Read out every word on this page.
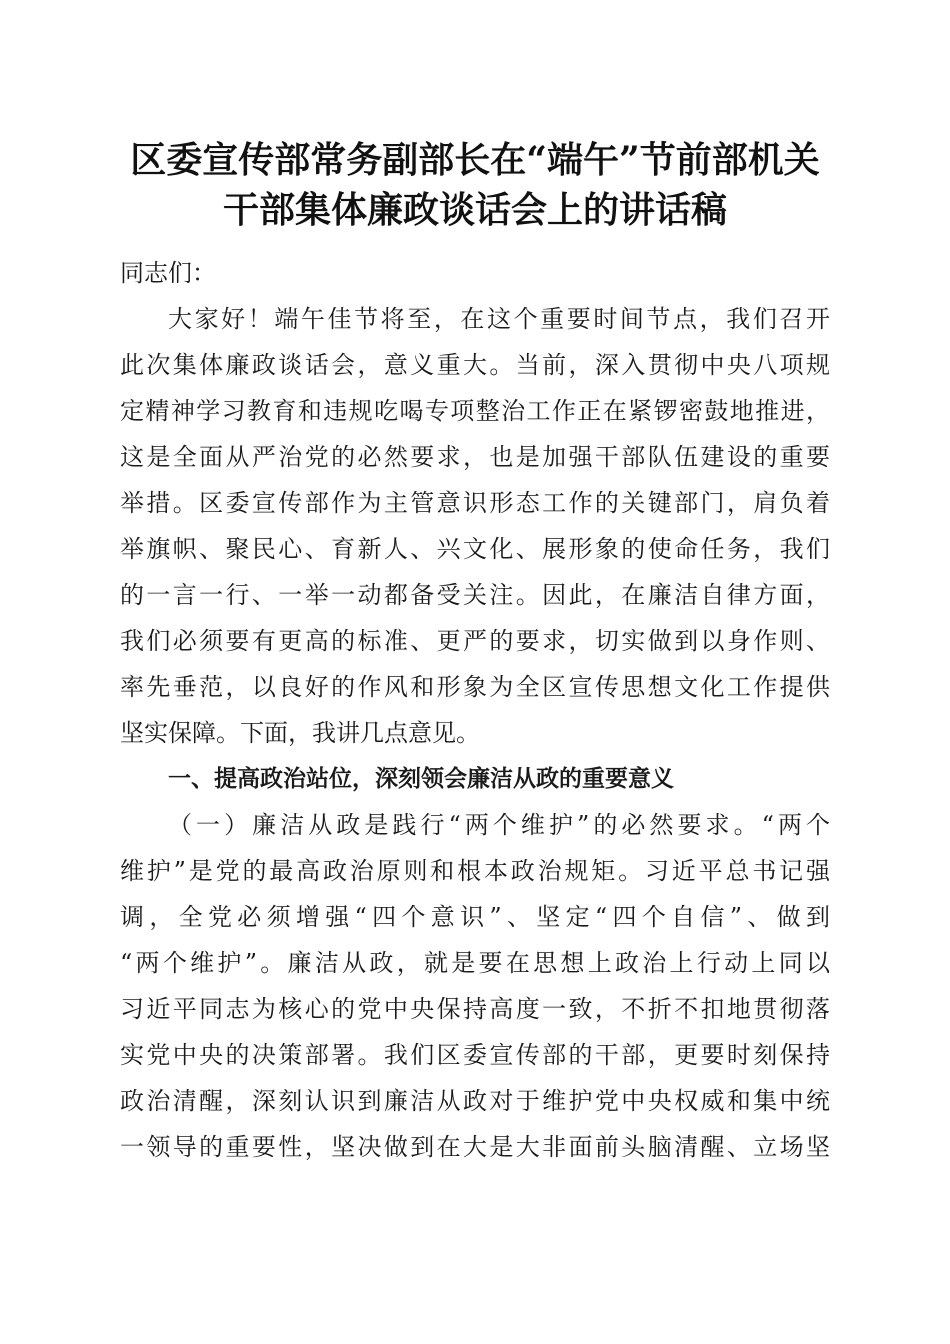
区委宣传部常务副部长在“端午”节前部机关
干部集体廉政谈话会上的讲话稿
同志们：
大家好！端午佳节将至，在这个重要时间节点，我们召开
此次集体廉政谈话会，意义重大。当前，深入贯彻中央八项规
定精神学习教育和违规吃喝专项整治工作正在紧锣密鼓地推进，
这是全面从严治党的必然要求，也是加强干部队伍建设的重要
举措。区委宣传部作为主管意识形态工作的关键部门，肩负着
举旗帜、聚民心、育新人、兴文化、展形象的使命任务，我们
的一言一行、一举一动都备受关注。因此，在廉洁自律方面，
我们必须要有更高的标准、更严的要求，切实做到以身作则、
率先垂范，以良好的作风和形象为全区宣传思想文化工作提供
坚实保障。下面，我讲几点意见。
一、提高政治站位，深刻领会廉洁从政的重要意义
（一）廉洁从政是践行“两个维护”的必然要求。“两个
维护”是党的最高政治原则和根本政治规矩。习近平总书记强
调，全党必须增强“四个意识”、坚定“四个自信”、做到
“两个维护”。廉洁从政，就是要在思想上政治上行动上同以
习近平同志为核心的党中央保持高度一致，不折不扣地贯彻落
实党中央的决策部署。我们区委宣传部的干部，更要时刻保持
政治清醒，深刻认识到廉洁从政对于维护党中央权威和集中统
一领导的重要性，坚决做到在大是大非面前头脑清醒、立场坚
